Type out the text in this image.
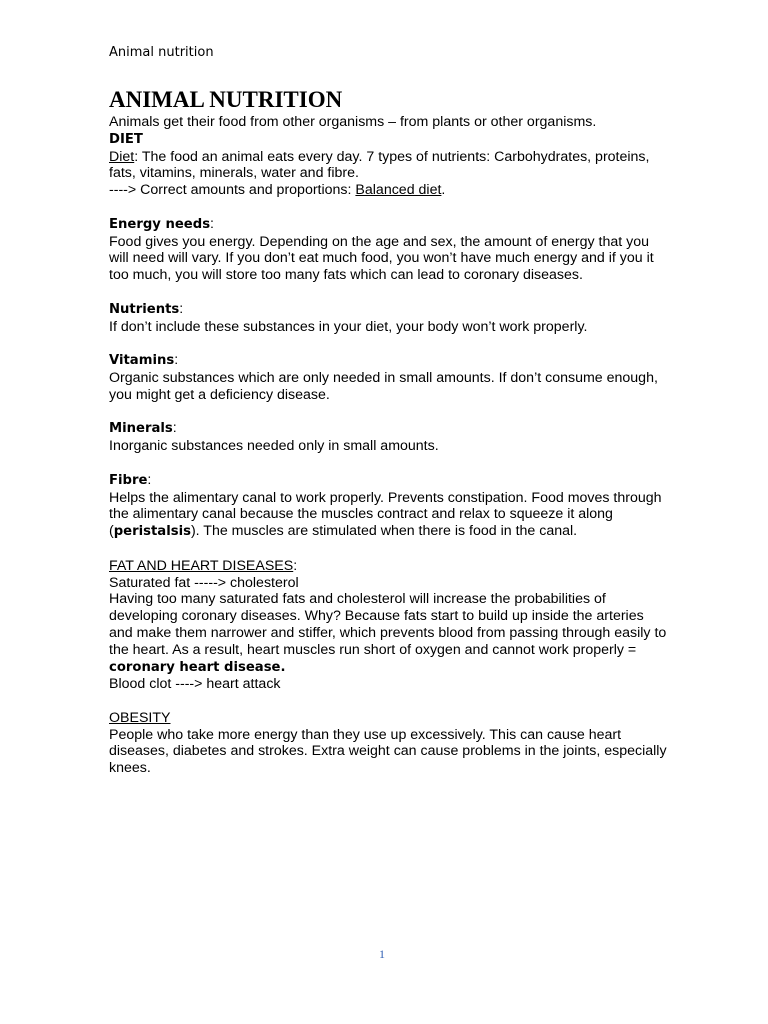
Animal nutrition
ANIMAL NUTRITION

Animals get their food from other organisms – from plants or other organisms.

DIET

Diet: The food an animal eats every day. 7 types of nutrients: Carbohydrates, proteins, fats, vitamins, minerals, water and fibre.

----> Correct amounts and proportions: Balanced diet.

Energy needs:

Food gives you energy. Depending on the age and sex, the amount of energy that you will need will vary. If you don’t eat much food, you won’t have much energy and if you it too much, you will store too many fats which can lead to coronary diseases.

Nutrients:

If don’t include these substances in your diet, your body won’t work properly.

Vitamins:

Organic substances which are only needed in small amounts. If don’t consume enough, you might get a deficiency disease.

Minerals:

Inorganic substances needed only in small amounts.

Fibre:

Helps the alimentary canal to work properly. Prevents constipation. Food moves through the alimentary canal because the muscles contract and relax to squeeze it along (peristalsis). The muscles are stimulated when there is food in the canal.

FAT AND HEART DISEASES:

Saturated fat -----> cholesterol

Having too many saturated fats and cholesterol will increase the probabilities of developing coronary diseases. Why? Because fats start to build up inside the arteries and make them narrower and stiffer, which prevents blood from passing through easily to the heart. As a result, heart muscles run short of oxygen and cannot work properly = coronary heart disease.

Blood clot ----> heart attack

OBESITY

People who take more energy than they use up excessively. This can cause heart diseases, diabetes and strokes. Extra weight can cause problems in the joints, especially knees.

1
